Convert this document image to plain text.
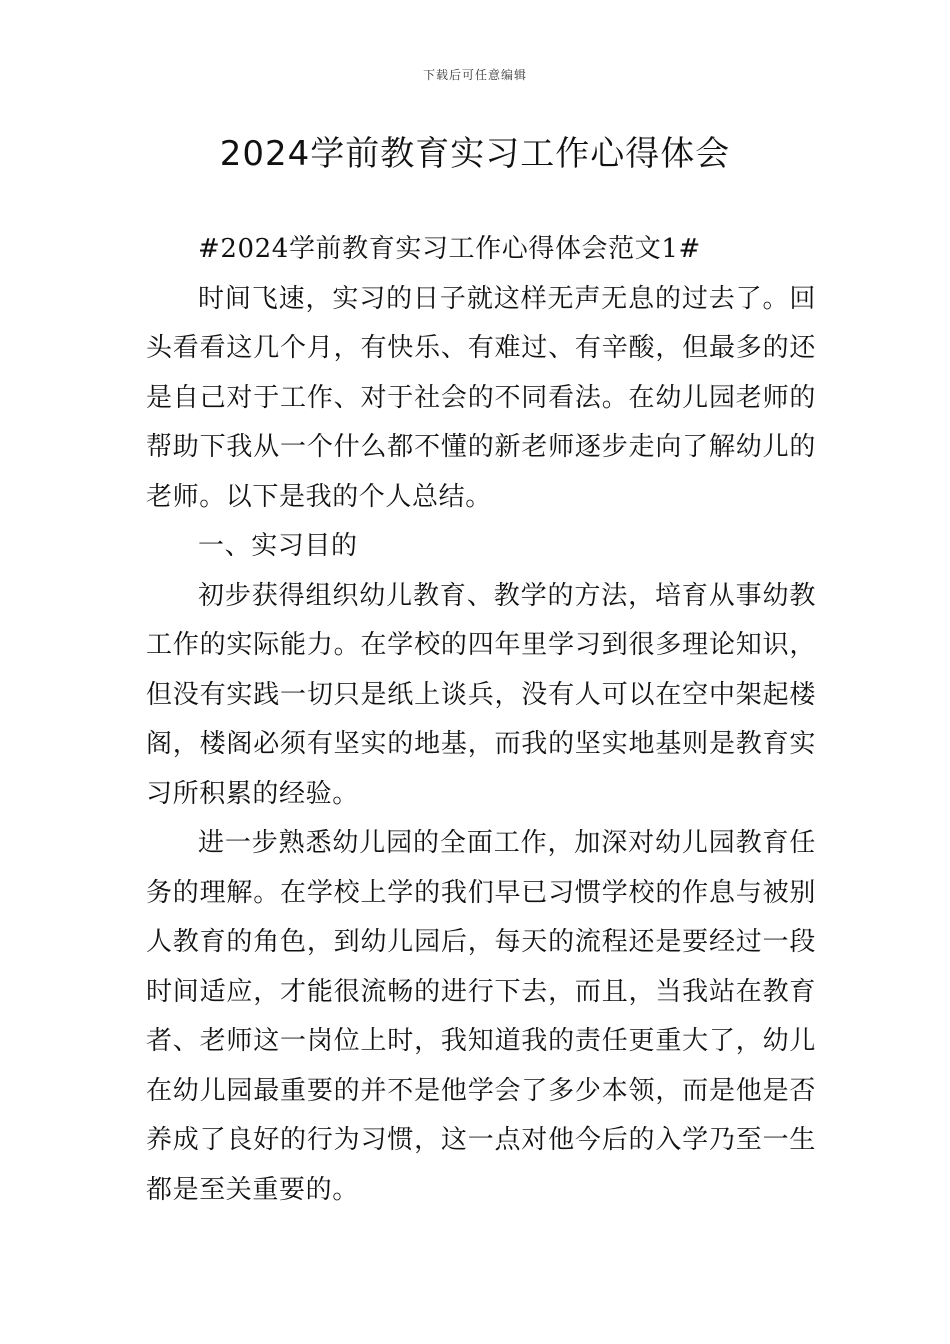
下载后可任意编辑
2024学前教育实习工作心得体会

#2024学前教育实习工作心得体会范文1#

时间飞速，实习的日子就这样无声无息的过去了。回头看看这几个月，有快乐、有难过、有辛酸，但最多的还是自己对于工作、对于社会的不同看法。在幼儿园老师的帮助下我从一个什么都不懂的新老师逐步走向了解幼儿的老师。以下是我的个人总结。

一、实习目的

初步获得组织幼儿教育、教学的方法，培育从事幼教工作的实际能力。在学校的四年里学习到很多理论知识，但没有实践一切只是纸上谈兵，没有人可以在空中架起楼阁，楼阁必须有坚实的地基，而我的坚实地基则是教育实习所积累的经验。

进一步熟悉幼儿园的全面工作，加深对幼儿园教育任务的理解。在学校上学的我们早已习惯学校的作息与被别人教育的角色，到幼儿园后，每天的流程还是要经过一段时间适应，才能很流畅的进行下去，而且，当我站在教育者、老师这一岗位上时，我知道我的责任更重大了，幼儿在幼儿园最重要的并不是他学会了多少本领，而是他是否养成了良好的行为习惯，这一点对他今后的入学乃至一生都是至关重要的。
